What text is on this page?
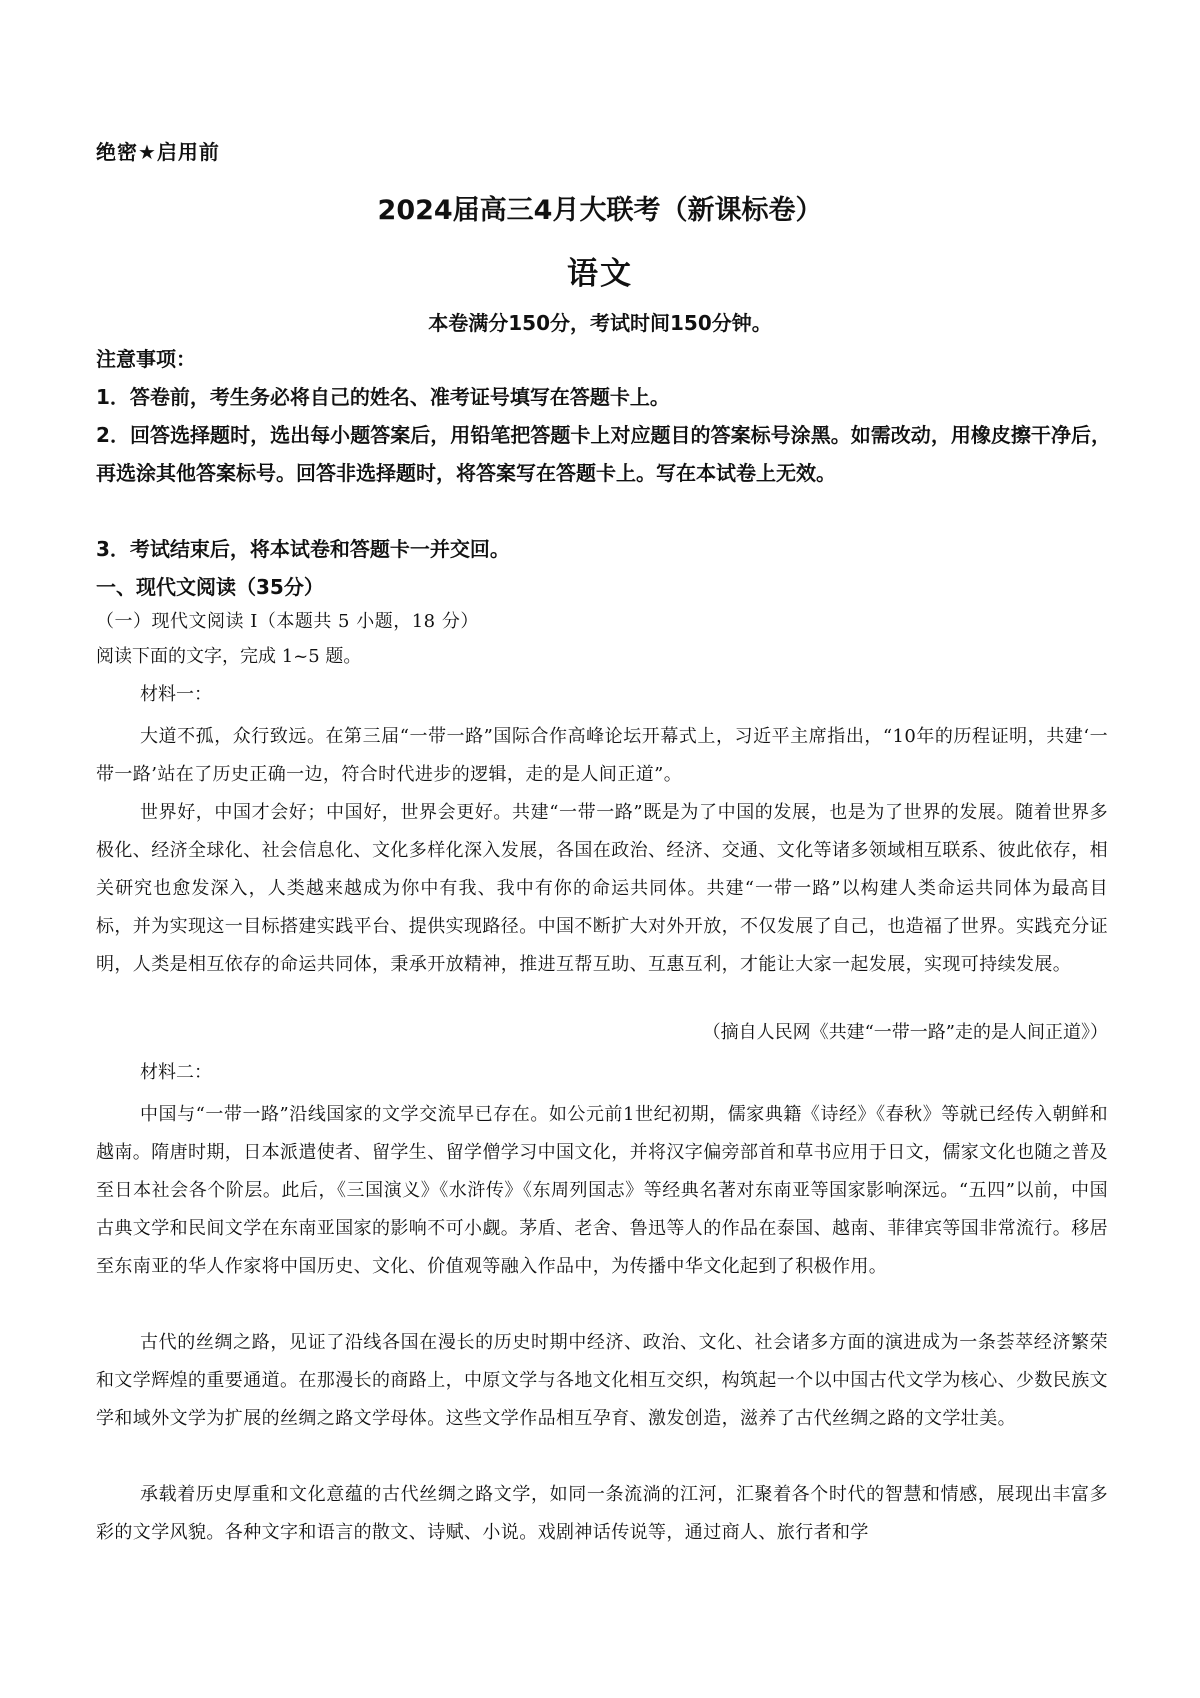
绝密★启用前
2024届高三4月大联考（新课标卷）
语文
本卷满分150分，考试时间150分钟。
注意事项：
1．答卷前，考生务必将自己的姓名、准考证号填写在答题卡上。
2．回答选择题时，选出每小题答案后，用铅笔把答题卡上对应题目的答案标号涂黑。如需改动，用橡皮擦干净后，再选涂其他答案标号。回答非选择题时，将答案写在答题卡上。写在本试卷上无效。
3．考试结束后，将本试卷和答题卡一并交回。
一、现代文阅读（35分）
（一）现代文阅读 I（本题共 5 小题，18 分）
阅读下面的文字，完成 1~5 题。
材料一：
大道不孤，众行致远。在第三届“一带一路”国际合作高峰论坛开幕式上，习近平主席指出，“10年的历程证明，共建‘一带一路’站在了历史正确一边，符合时代进步的逻辑，走的是人间正道”。
世界好，中国才会好；中国好，世界会更好。共建“一带一路”既是为了中国的发展，也是为了世界的发展。随着世界多极化、经济全球化、社会信息化、文化多样化深入发展，各国在政治、经济、交通、文化等诸多领域相互联系、彼此依存，相关研究也愈发深入，人类越来越成为你中有我、我中有你的命运共同体。共建“一带一路”以构建人类命运共同体为最高目标，并为实现这一目标搭建实践平台、提供实现路径。中国不断扩大对外开放，不仅发展了自己，也造福了世界。实践充分证明，人类是相互依存的命运共同体，秉承开放精神，推进互帮互助、互惠互利，才能让大家一起发展，实现可持续发展。
（摘自人民网《共建“一带一路”走的是人间正道》）
材料二：
中国与“一带一路”沿线国家的文学交流早已存在。如公元前1世纪初期，儒家典籍《诗经》《春秋》等就已经传入朝鲜和越南。隋唐时期，日本派遣使者、留学生、留学僧学习中国文化，并将汉字偏旁部首和草书应用于日文，儒家文化也随之普及至日本社会各个阶层。此后，《三国演义》《水浒传》《东周列国志》等经典名著对东南亚等国家影响深远。“五四”以前，中国古典文学和民间文学在东南亚国家的影响不可小觑。茅盾、老舍、鲁迅等人的作品在泰国、越南、菲律宾等国非常流行。移居至东南亚的华人作家将中国历史、文化、价值观等融入作品中，为传播中华文化起到了积极作用。
古代的丝绸之路，见证了沿线各国在漫长的历史时期中经济、政治、文化、社会诸多方面的演进成为一条荟萃经济繁荣和文学辉煌的重要通道。在那漫长的商路上，中原文学与各地文化相互交织，构筑起一个以中国古代文学为核心、少数民族文学和域外文学为扩展的丝绸之路文学母体。这些文学作品相互孕育、激发创造，滋养了古代丝绸之路的文学壮美。
承载着历史厚重和文化意蕴的古代丝绸之路文学，如同一条流淌的江河，汇聚着各个时代的智慧和情感，展现出丰富多彩的文学风貌。各种文字和语言的散文、诗赋、小说。戏剧神话传说等，通过商人、旅行者和学
